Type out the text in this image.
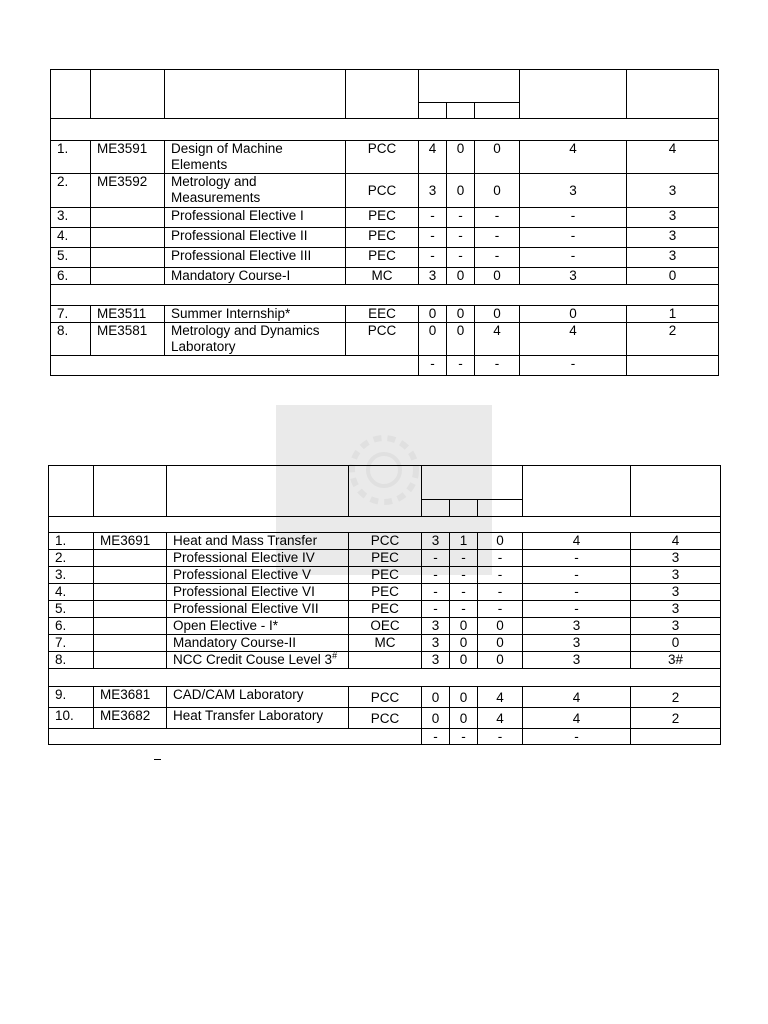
1.	ME3591	Design of Machine Elements	PCC	4	0	0	4	4
2.	ME3592	Metrology and Measurements	PCC	3	0	0	3	3
3.		Professional Elective I	PEC	-	-	-	-	3
4.		Professional Elective II	PEC	-	-	-	-	3
5.		Professional Elective III	PEC	-	-	-	-	3
6.		Mandatory Course-I	MC	3	0	0	3	0

7.	ME3511	Summer Internship*	EEC	0	0	0	0	1
8.	ME3581	Metrology and Dynamics Laboratory	PCC	0	0	4	4	2
				-	-	-	-	

1.	ME3691	Heat and Mass Transfer	PCC	3	1	0	4	4
2.		Professional Elective IV	PEC	-	-	-	-	3
3.		Professional Elective V	PEC	-	-	-	-	3
4.		Professional Elective VI	PEC	-	-	-	-	3
5.		Professional Elective VII	PEC	-	-	-	-	3
6.		Open Elective - I*	OEC	3	0	0	3	3
7.		Mandatory Course-II	MC	3	0	0	3	0
8.		NCC Credit Couse Level 3#		3	0	0	3	3#

9.	ME3681	CAD/CAM Laboratory	PCC	0	0	4	4	2
10.	ME3682	Heat Transfer Laboratory	PCC	0	0	4	4	2
				-	-	-	-	
